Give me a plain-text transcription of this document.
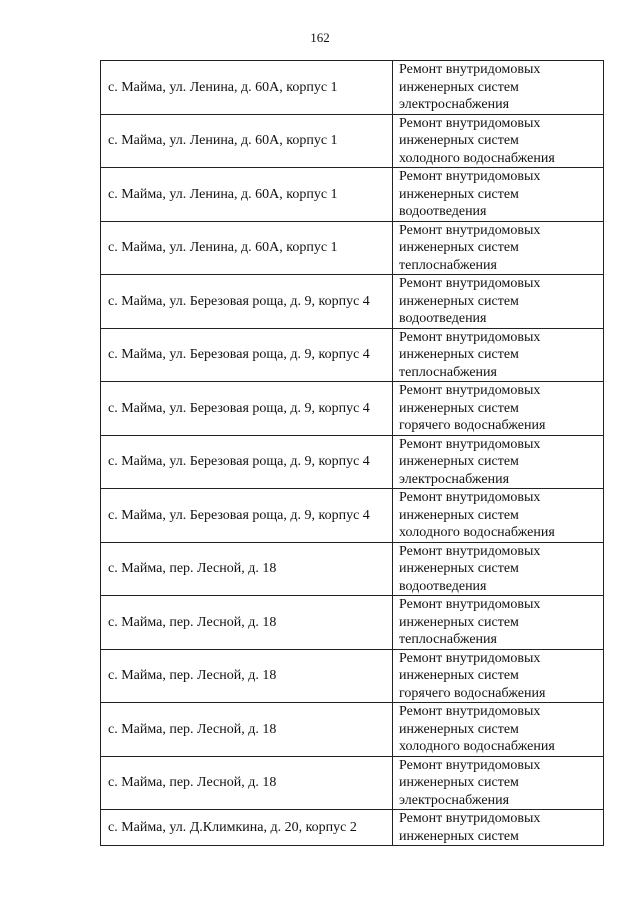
162
с. Майма, ул. Ленина, д. 60А, корпус 1	Ремонт внутридомовых
инженерных систем
электроснабжения

с. Майма, ул. Ленина, д. 60А, корпус 1	Ремонт внутридомовых
инженерных систем
холодного водоснабжения

с. Майма, ул. Ленина, д. 60А, корпус 1	Ремонт внутридомовых
инженерных систем
водоотведения

с. Майма, ул. Ленина, д. 60А, корпус 1	Ремонт внутридомовых
инженерных систем
теплоснабжения

с. Майма, ул. Березовая роща, д. 9, корпус 4	Ремонт внутридомовых
инженерных систем
водоотведения

с. Майма, ул. Березовая роща, д. 9, корпус 4	Ремонт внутридомовых
инженерных систем
теплоснабжения

с. Майма, ул. Березовая роща, д. 9, корпус 4	Ремонт внутридомовых
инженерных систем
горячего водоснабжения

с. Майма, ул. Березовая роща, д. 9, корпус 4	Ремонт внутридомовых
инженерных систем
электроснабжения

с. Майма, ул. Березовая роща, д. 9, корпус 4	Ремонт внутридомовых
инженерных систем
холодного водоснабжения

с. Майма, пер. Лесной, д. 18	Ремонт внутридомовых
инженерных систем
водоотведения

с. Майма, пер. Лесной, д. 18	Ремонт внутридомовых
инженерных систем
теплоснабжения

с. Майма, пер. Лесной, д. 18	Ремонт внутридомовых
инженерных систем
горячего водоснабжения

с. Майма, пер. Лесной, д. 18	Ремонт внутридомовых
инженерных систем
холодного водоснабжения

с. Майма, пер. Лесной, д. 18	Ремонт внутридомовых
инженерных систем
электроснабжения

с. Майма, ул. Д.Климкина, д. 20, корпус 2	Ремонт внутридомовых
инженерных систем
